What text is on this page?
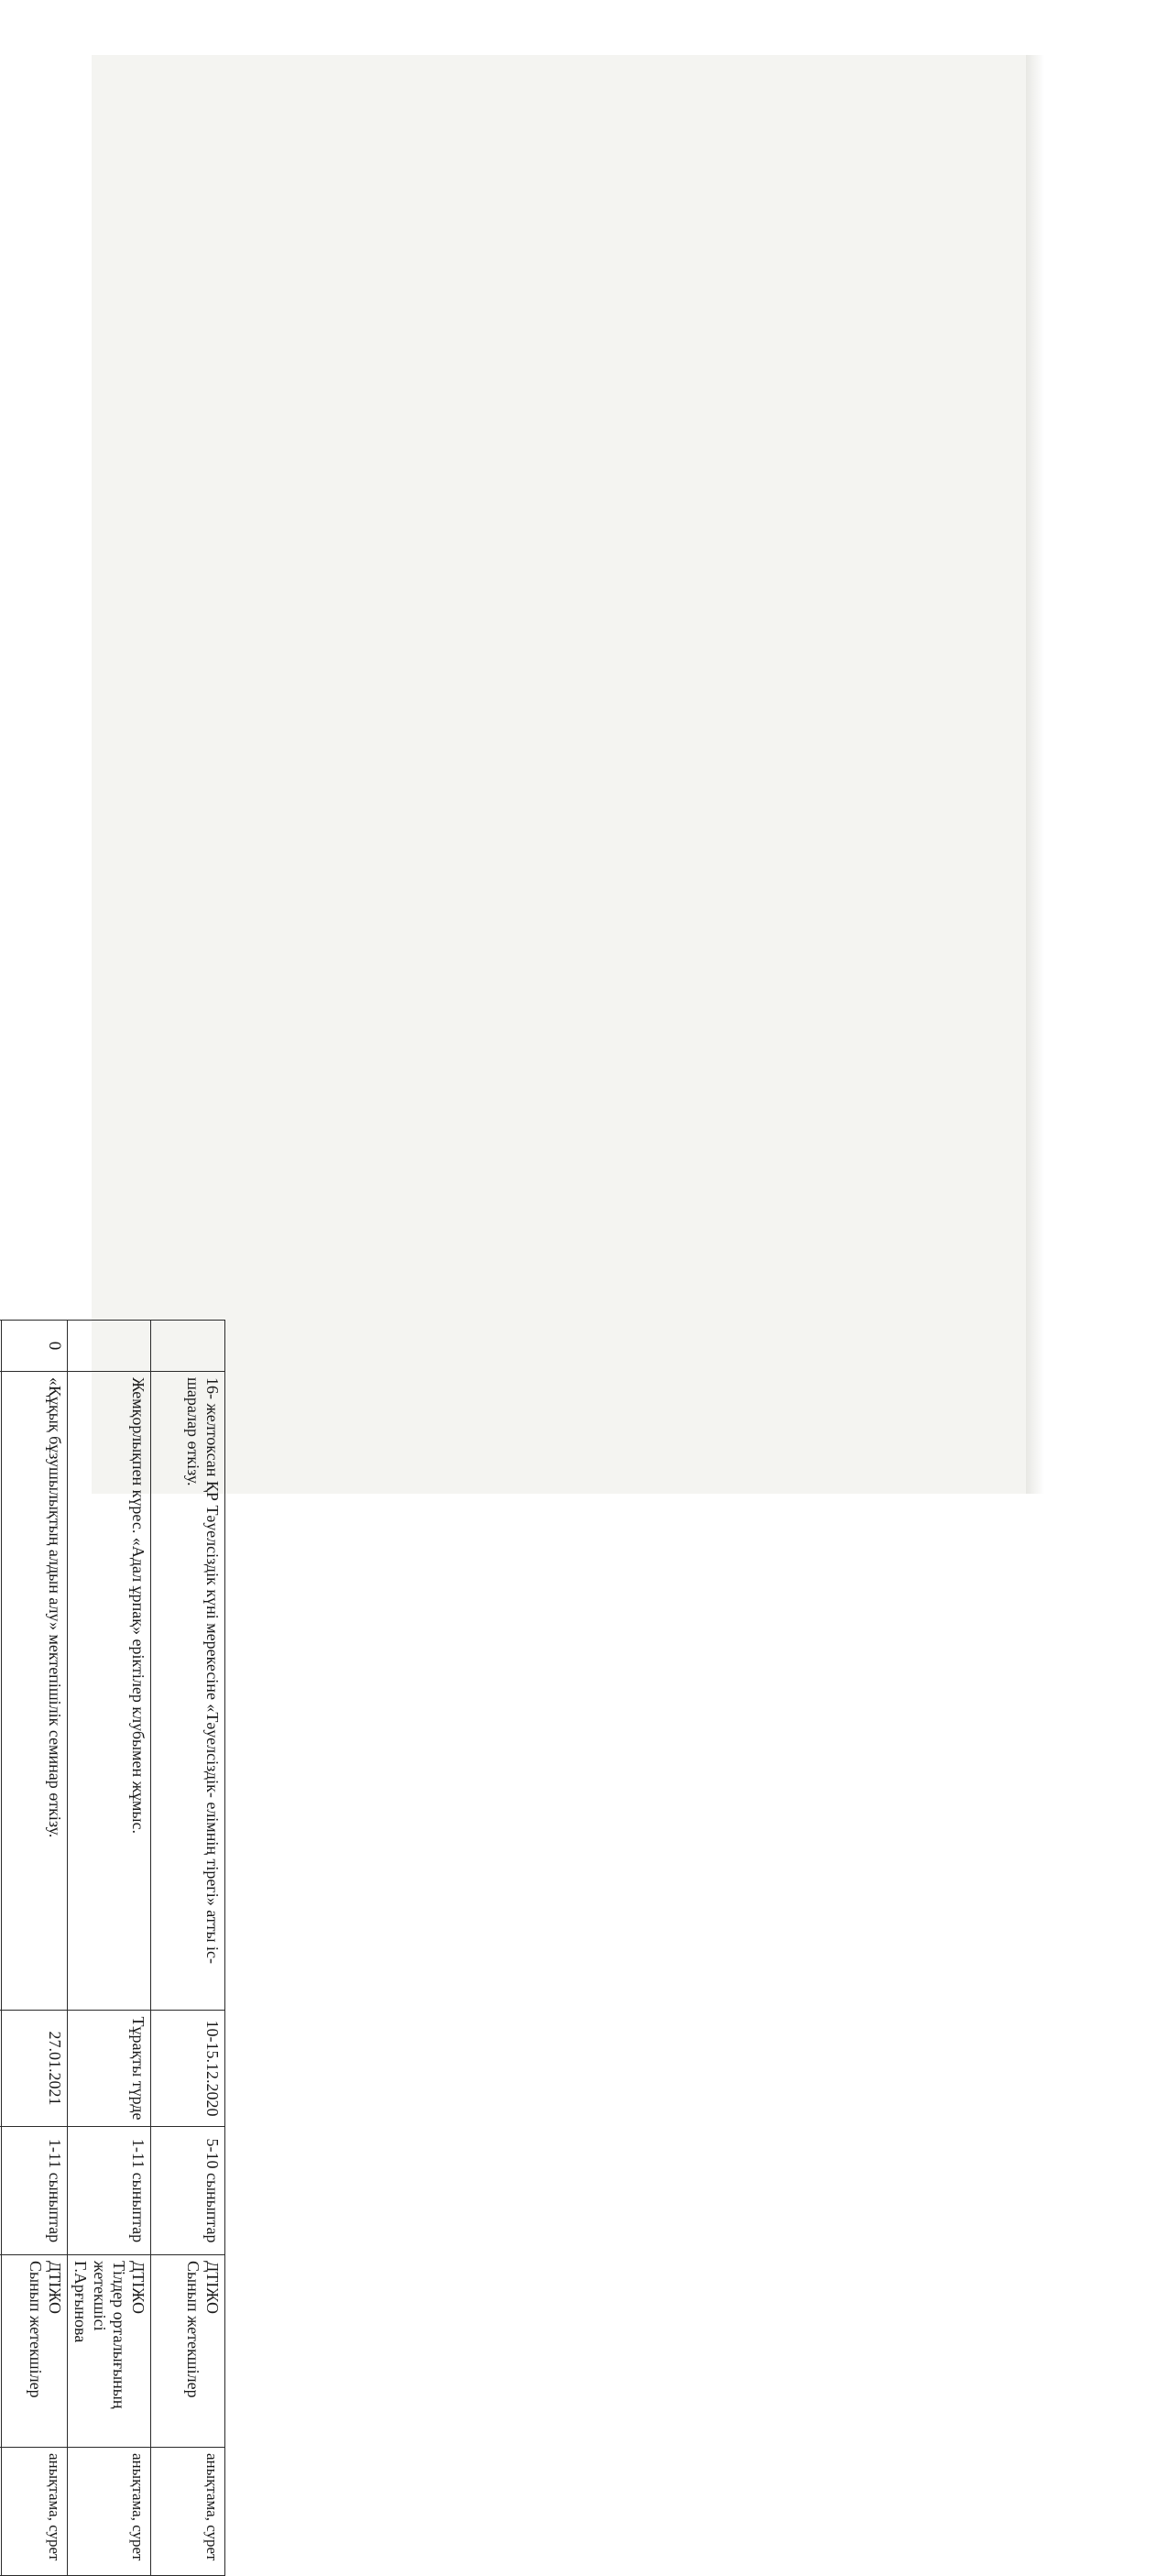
	16- желтоксан ҚР Тәуелсіздік күні мерекесіне «Тәуелсіздік- елімнің тірегі» атты іс-шаралар өткізу.	10-15.12.2020	5-10 сыныптар	ДТІЖО
Сынып жетекшілер	анықтама, сурет
	Жемқорлықпен күрес. «Адал ұрпақ» еріктілер клубымен жұмыс.	Тұрақты түрде	1-11 сыныптар	ДТІЖО
Тілдер орталығының
жетекшісі
Г.Арғынова	анықтама, сурет
0	«Құқық бұзушылықтың алдын алу» мектепішілік семинар өткізу.	27.01.2021	1-11 сыныптар	ДТІЖО
Сынып жетекшілер	анықтама, сурет
